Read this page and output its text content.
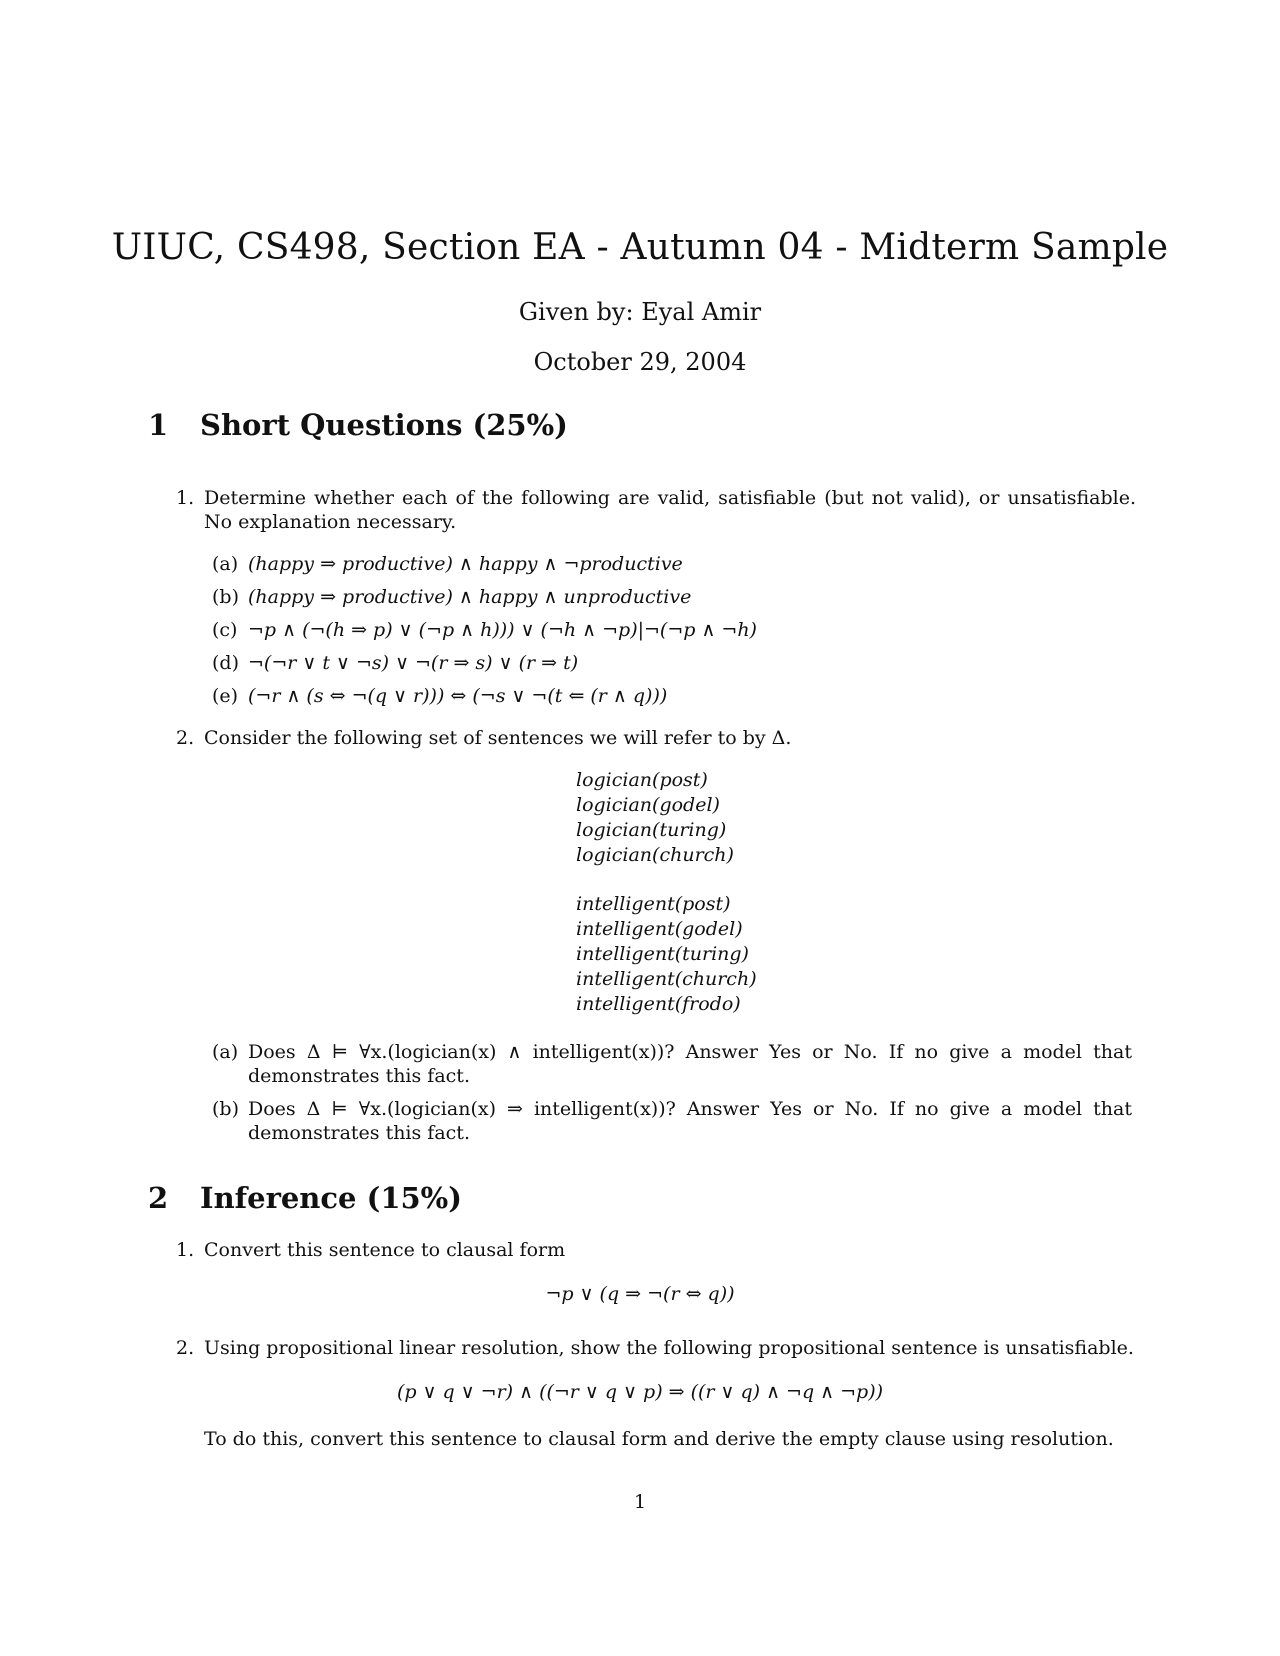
UIUC, CS498, Section EA - Autumn 04 - Midterm Sample
Given by: Eyal Amir
October 29, 2004
1 Short Questions (25%)
1. Determine whether each of the following are valid, satisfiable (but not valid), or unsatisfiable. No explanation necessary.
(a) (happy ⇒ productive) ∧ happy ∧ ¬productive
(b) (happy ⇒ productive) ∧ happy ∧ unproductive
(c) ¬p ∧ (¬(h ⇒ p) ∨ (¬p ∧ h))) ∨ (¬h ∧ ¬p)|¬(¬p ∧ ¬h)
(d) ¬(¬r ∨ t ∨ ¬s) ∨ ¬(r ⇒ s) ∨ (r ⇒ t)
(e) (¬r ∧ (s ⇔ ¬(q ∨ r))) ⇔ (¬s ∨ ¬(t ⇐ (r ∧ q)))
2. Consider the following set of sentences we will refer to by Δ.
logician(post)
logician(godel)
logician(turing)
logician(church)
intelligent(post)
intelligent(godel)
intelligent(turing)
intelligent(church)
intelligent(frodo)
(a) Does Δ ⊨ ∀x.(logician(x) ∧ intelligent(x))? Answer Yes or No. If no give a model that demonstrates this fact.
(b) Does Δ ⊨ ∀x.(logician(x) ⇒ intelligent(x))? Answer Yes or No. If no give a model that demonstrates this fact.
2 Inference (15%)
1. Convert this sentence to clausal form
¬p ∨ (q ⇒ ¬(r ⇔ q))
2. Using propositional linear resolution, show the following propositional sentence is unsatisfiable.
(p ∨ q ∨ ¬r) ∧ ((¬r ∨ q ∨ p) ⇒ ((r ∨ q) ∧ ¬q ∧ ¬p))
To do this, convert this sentence to clausal form and derive the empty clause using resolution.
1
